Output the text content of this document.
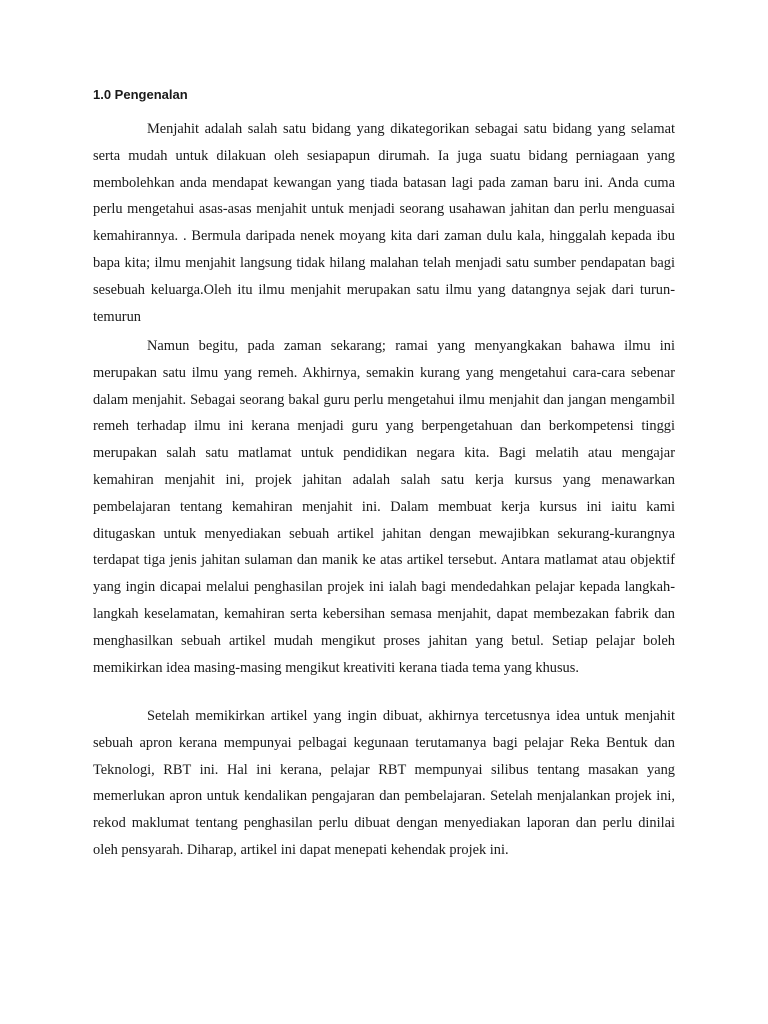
1.0 Pengenalan

Menjahit adalah salah satu bidang yang dikategorikan sebagai satu bidang yang selamat serta mudah untuk dilakuan oleh sesiapapun dirumah. Ia juga suatu bidang perniagaan yang membolehkan anda mendapat kewangan yang tiada batasan lagi pada zaman baru ini. Anda cuma perlu mengetahui asas-asas menjahit untuk menjadi seorang usahawan jahitan dan perlu menguasai kemahirannya. . Bermula daripada nenek moyang kita dari zaman dulu kala, hinggalah kepada ibu bapa kita; ilmu menjahit langsung tidak hilang malahan telah menjadi satu sumber pendapatan bagi sesebuah keluarga.Oleh itu ilmu menjahit merupakan satu ilmu yang datangnya sejak dari turun-temurun

Namun begitu, pada zaman sekarang; ramai yang menyangkakan bahawa ilmu ini merupakan satu ilmu yang remeh. Akhirnya, semakin kurang yang mengetahui cara-cara sebenar dalam menjahit. Sebagai seorang bakal guru perlu mengetahui ilmu menjahit dan jangan mengambil remeh terhadap ilmu ini kerana menjadi guru yang berpengetahuan dan berkompetensi tinggi merupakan salah satu matlamat untuk pendidikan negara kita. Bagi melatih atau mengajar kemahiran menjahit ini, projek jahitan adalah salah satu kerja kursus yang menawarkan pembelajaran tentang kemahiran menjahit ini. Dalam membuat kerja kursus ini iaitu kami ditugaskan untuk menyediakan sebuah artikel jahitan dengan mewajibkan sekurang-kurangnya terdapat tiga jenis jahitan sulaman dan manik ke atas artikel tersebut. Antara matlamat atau objektif yang ingin dicapai melalui penghasilan projek ini ialah bagi mendedahkan pelajar kepada langkah-langkah keselamatan, kemahiran serta kebersihan semasa menjahit, dapat membezakan fabrik dan menghasilkan sebuah artikel mudah mengikut proses jahitan yang betul. Setiap pelajar boleh memikirkan idea masing-masing mengikut kreativiti kerana tiada tema yang khusus.

Setelah memikirkan artikel yang ingin dibuat, akhirnya tercetusnya idea untuk menjahit sebuah apron kerana mempunyai pelbagai kegunaan terutamanya bagi pelajar Reka Bentuk dan Teknologi, RBT ini. Hal ini kerana, pelajar RBT mempunyai silibus tentang masakan yang memerlukan apron untuk kendalikan pengajaran dan pembelajaran. Setelah menjalankan projek ini, rekod maklumat tentang penghasilan perlu dibuat dengan menyediakan laporan dan perlu dinilai oleh pensyarah. Diharap, artikel ini dapat menepati kehendak projek ini.
